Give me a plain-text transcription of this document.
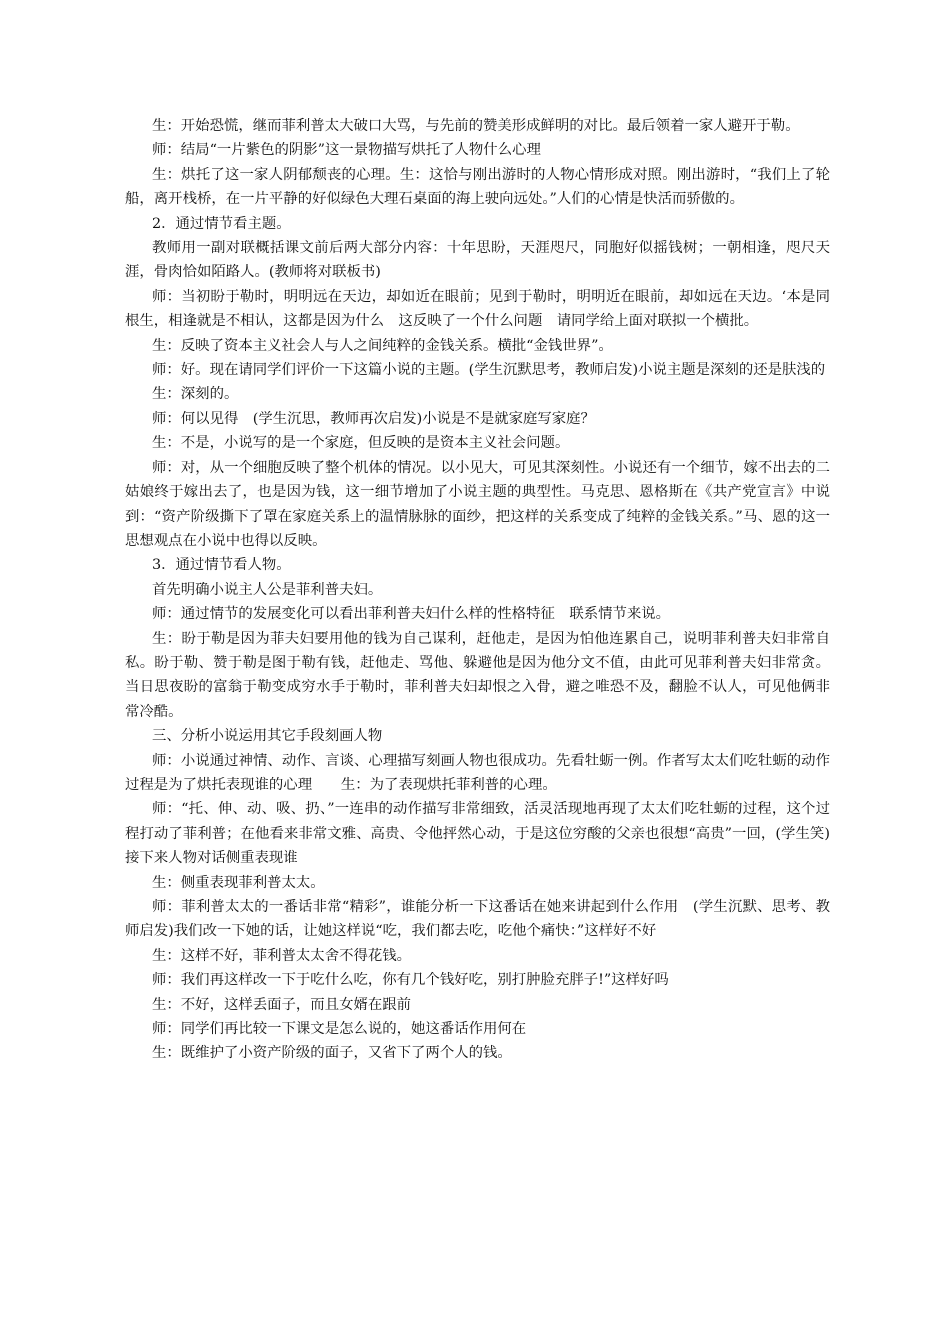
生：开始恐慌，继而菲利普太大破口大骂，与先前的赞美形成鲜明的对比。最后领着一家人避开于勒。

师：结局“一片紫色的阴影”这一景物描写烘托了人物什么心理

生：烘托了这一家人阴郁颓丧的心理。生：这恰与刚出游时的人物心情形成对照。刚出游时，“我们上了轮船，离开栈桥，在一片平静的好似绿色大理石桌面的海上驶向远处。”人们的心情是快活而骄傲的。

2．通过情节看主题。

教师用一副对联概括课文前后两大部分内容：十年思盼，天涯咫尺，同胞好似摇钱树；一朝相逢，咫尺天涯，骨肉恰如陌路人。(教师将对联板书)

师：当初盼于勒时，明明远在天边，却如近在眼前；见到于勒时，明明近在眼前，却如远在天边。‘本是同根生，相逢就是不相认，这都是因为什么　这反映了一个什么问题　请同学给上面对联拟一个横批。

生：反映了资本主义社会人与人之间纯粹的金钱关系。横批“金钱世界”。

师：好。现在请同学们评价一下这篇小说的主题。(学生沉默思考，教师启发)小说主题是深刻的还是肤浅的

生：深刻的。

师：何以见得　(学生沉思，教师再次启发)小说是不是就家庭写家庭？

生：不是，小说写的是一个家庭，但反映的是资本主义社会问题。

师：对，从一个细胞反映了整个机体的情况。以小见大，可见其深刻性。小说还有一个细节，嫁不出去的二姑娘终于嫁出去了，也是因为钱，这一细节增加了小说主题的典型性。马克思、恩格斯在《共产党宣言》中说到：“资产阶级撕下了罩在家庭关系上的温情脉脉的面纱，把这样的关系变成了纯粹的金钱关系。”马、恩的这一思想观点在小说中也得以反映。

3．通过情节看人物。

首先明确小说主人公是菲利普夫妇。

师：通过情节的发展变化可以看出菲利普夫妇什么样的性格特征　联系情节来说。

生：盼于勒是因为菲夫妇要用他的钱为自己谋利，赶他走，是因为怕他连累自己，说明菲利普夫妇非常自私。盼于勒、赞于勒是图于勒有钱，赶他走、骂他、躲避他是因为他分文不值，由此可见菲利普夫妇非常贪。当日思夜盼的富翁于勒变成穷水手于勒时，菲利普夫妇却恨之入骨，避之唯恐不及，翻脸不认人，可见他俩非常冷酷。

三、分析小说运用其它手段刻画人物

师：小说通过神情、动作、言谈、心理描写刻画人物也很成功。先看牡蛎一例。作者写太太们吃牡蛎的动作过程是为了烘托表现谁的心理　　生：为了表现烘托菲利普的心理。

师：“托、伸、动、吸、扔、”一连串的动作描写非常细致，活灵活现地再现了太太们吃牡蛎的过程，这个过程打动了菲利普；在他看来非常文雅、高贵、令他抨然心动，于是这位穷酸的父亲也很想“高贵”一回，(学生笑)接下来人物对话侧重表现谁

生：侧重表现菲利普太太。

师：菲利普太太的一番话非常“精彩”，谁能分析一下这番话在她来讲起到什么作用　(学生沉默、思考、教师启发)我们改一下她的话，让她这样说“吃，我们都去吃，吃他个痛快：”这样好不好

生：这样不好，菲利普太太舍不得花钱。

师：我们再这样改一下于吃什么吃，你有几个钱好吃，别打肿脸充胖子!”这样好吗

生：不好，这样丢面子，而且女婿在跟前

师：同学们再比较一下课文是怎么说的，她这番话作用何在

生：既维护了小资产阶级的面子，又省下了两个人的钱。
